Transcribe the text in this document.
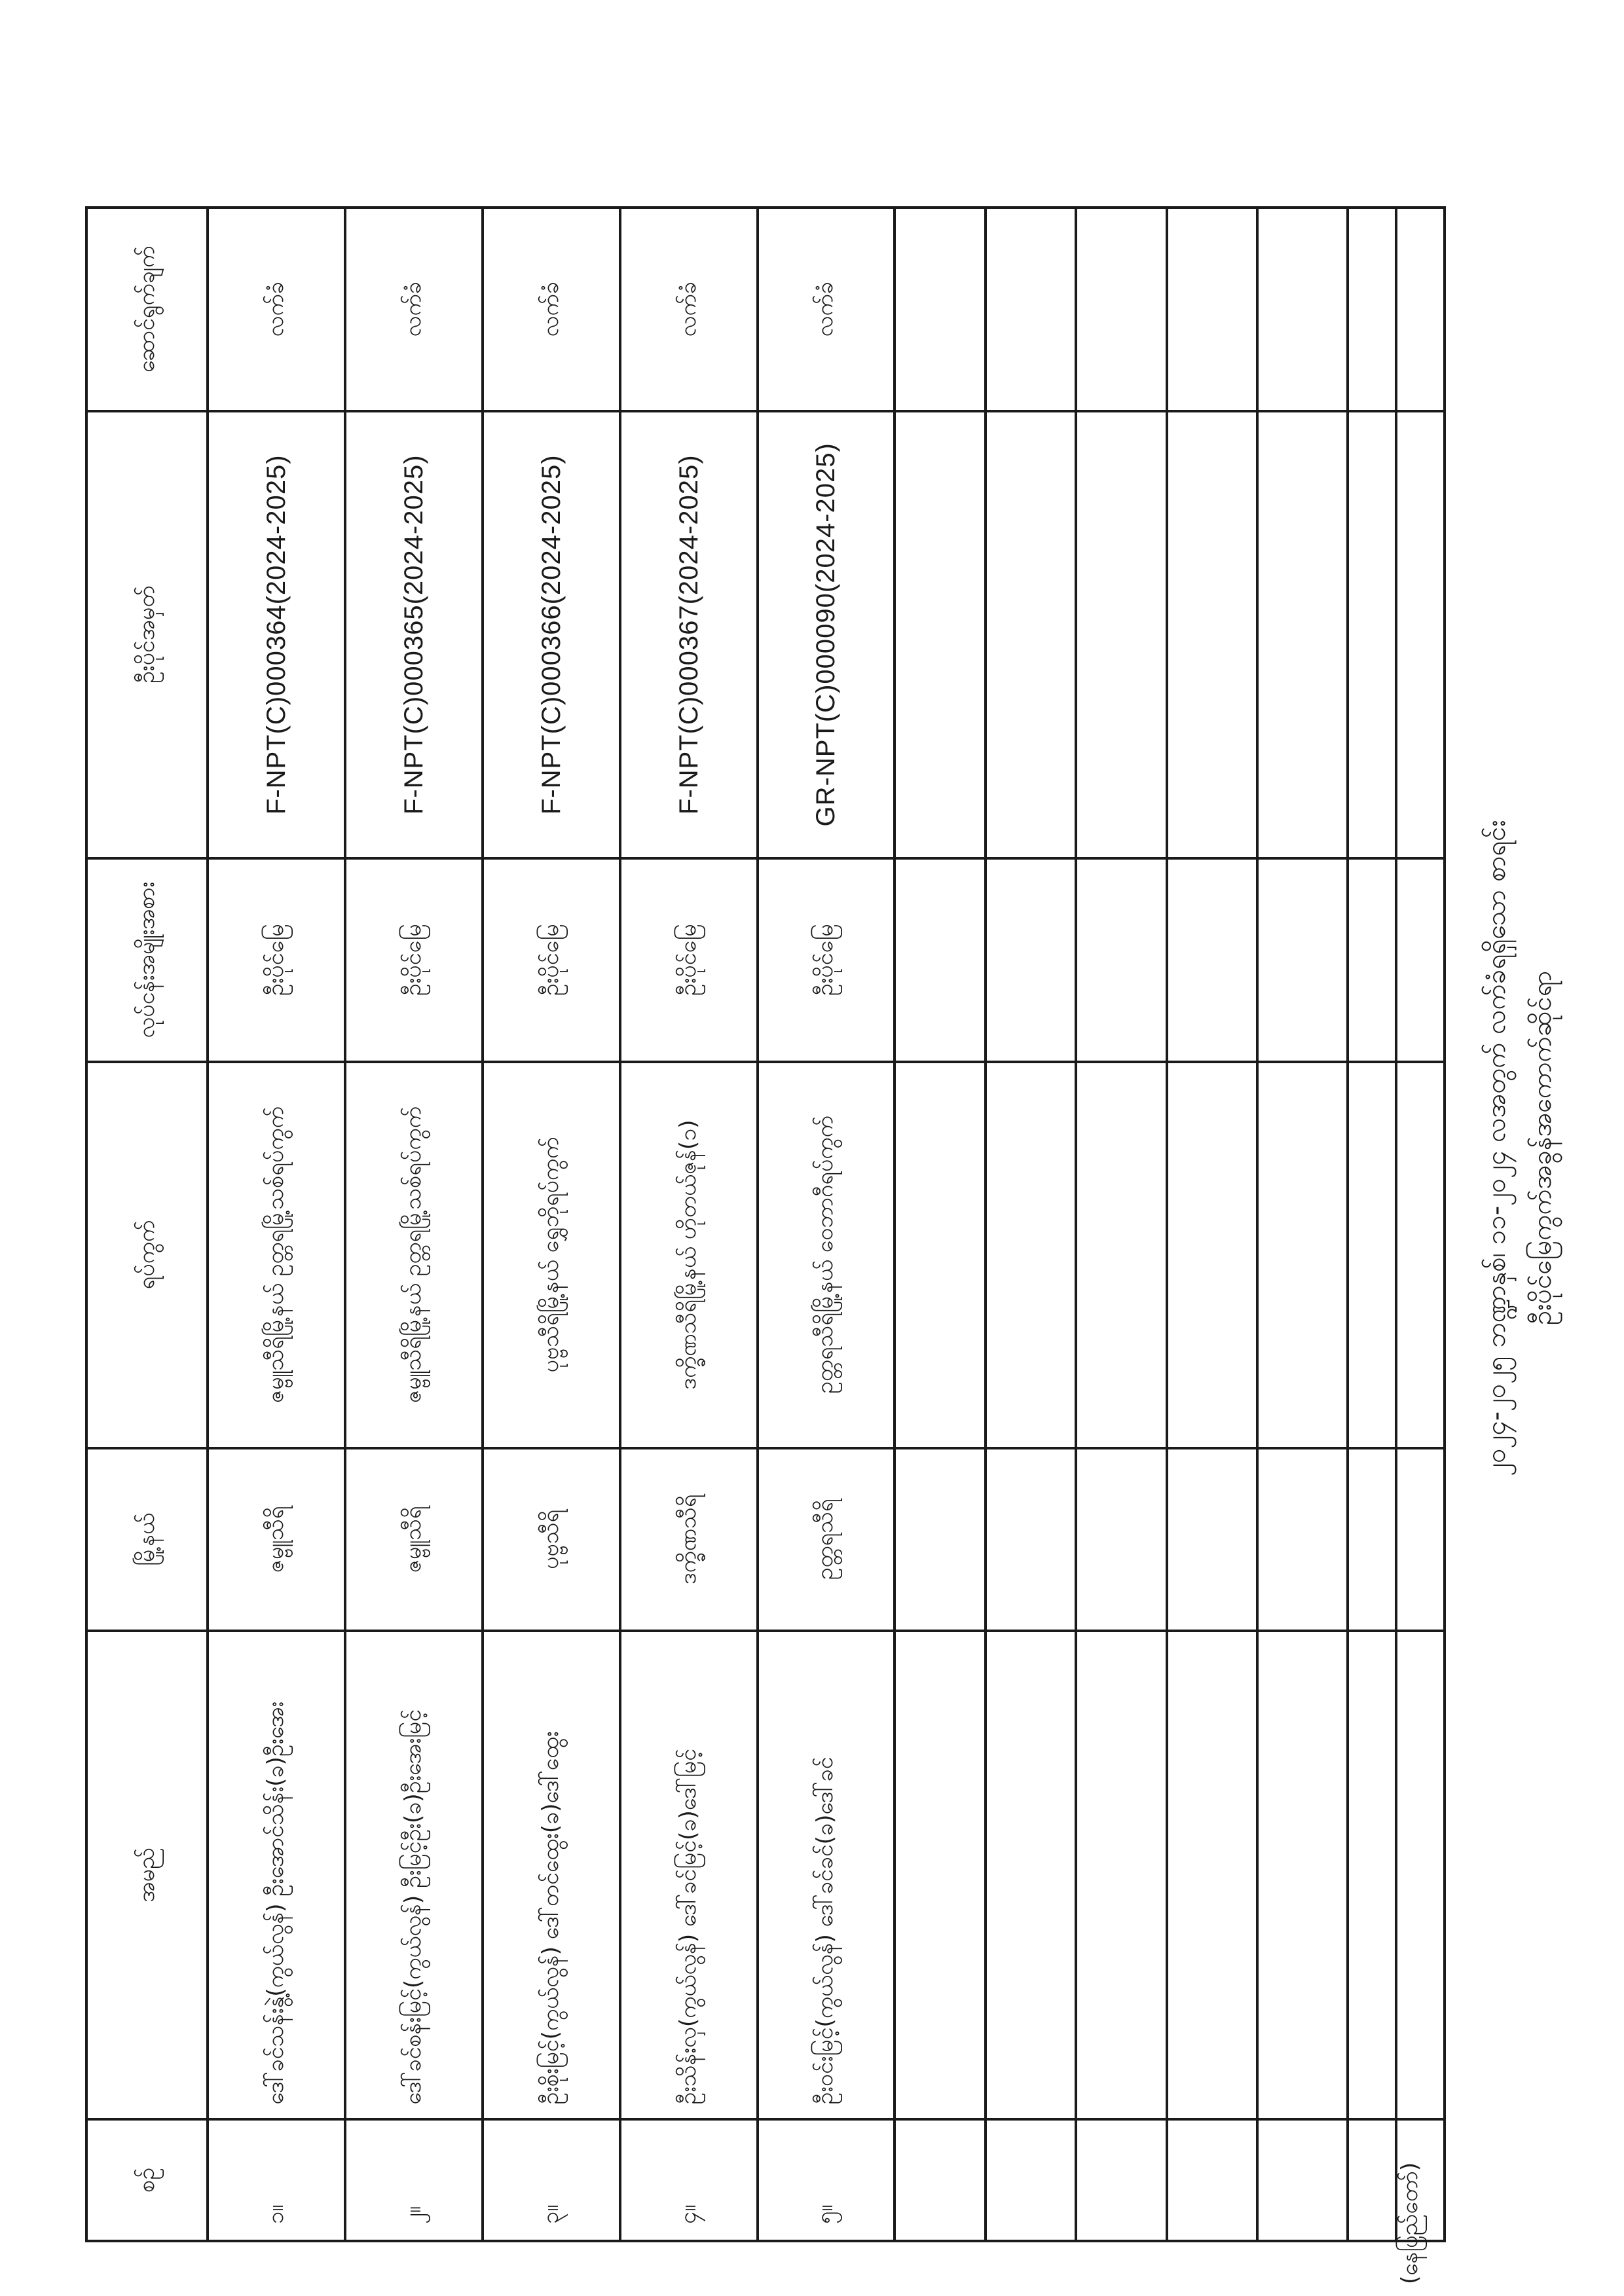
ဦးပိုင်မြေကွက်အခွန်အကောက်ဆိုင်ရာ
၂၀၂၄-၂၀၂၅ ဘဏ္ဍာနှစ်၊ ၁၁-၂၀၂၄ လအတွက် လက်ခံရရှိသော စာရင်း
စဉ်	အမည်	မြို့နယ်	ရပ်ကွက်	လုပ်ငန်းအမျိုးအစား	ဦးပိုင်အမှတ်	ဆောင်ရွက်ချက်
၁။	ဒေါ်ခင်သန်းနွဲ့(ကွယ်လွန်) ဦးအောင်သိန်း(ခ)ဦးအေး	ဇမ္ဗူသီရိ	ဇမ္ဗူသီရိမြို့နယ် ဥတ္တရမြို့သစ်ရပ်ကွက်	ဦးပိုင်မြေ	F-NPT(C)000364(2024-2025)	လက်ခံ
၂။	ဒေါ်ခင်စန်းမြင့်(ကွယ်လွန်) ဦးမြင့်ဦး(ခ)ဦးအေးမြင့်	ဇမ္ဗူသီရိ	ဇမ္ဗူသီရိမြို့နယ် ဥတ္တရမြို့သစ်ရပ်ကွက်	ဦးပိုင်မြေ	F-NPT(C)000365(2024-2025)	လက်ခံ
၃။	ဦးစိုးမြင့်(ကွယ်လွန်) ဒေါ်တင်ထွေး(ခ)ဒေါ်ထွေး	ပုဗ္ဗသီရိ	ပုဗ္ဗသီရိမြို့နယ် ရွှေဘိုရပ်ကွက်	ဦးပိုင်မြေ	F-NPT(C)000366(2024-2025)	လက်ခံ
၄။	ဦးသိန်းလှ(ကွယ်လွန်) ဒေါ်ခင်မြင့်(ခ)ဒေါ်မြင့်	ဒက္ခိဏသီရိ	ဒက္ခိဏသီရိမြို့နယ် ဟိုတယ်ဇုန်(၁)	ဦးပိုင်မြေ	F-NPT(C)000367(2024-2025)	လက်ခံ
၅။	ဦးဝင်းမြင့်(ကွယ်လွန်) ဒေါ်ခင်ခင်(ခ)ဒေါ်ခင်	ဥတ္တရသီရိ	ဥတ္တရသီရိမြို့နယ် ဝေဘာဂီရပ်ကွက်	ဦးပိုင်မြေ	GR-NPT(C)000090(2024-2025)	လက်ခံ

(နေပြည်တော်)
